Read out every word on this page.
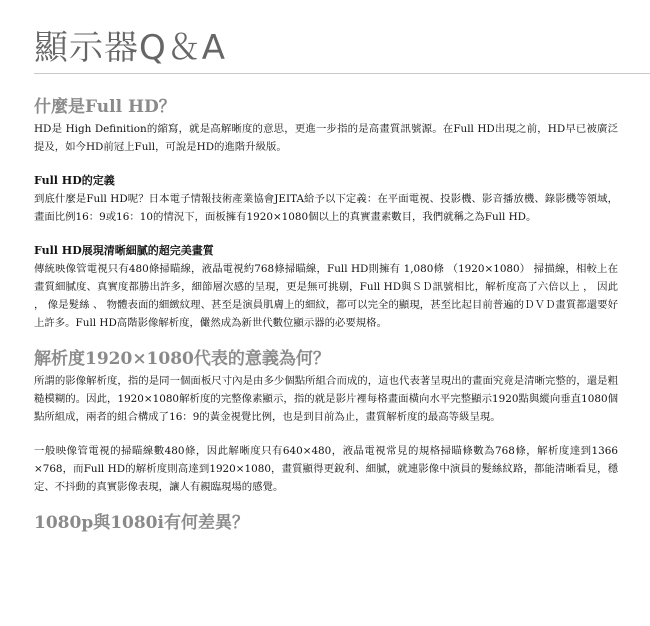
顯示器Q＆A
什麼是Full HD？

HD是 High Definition的縮寫，就是高解晰度的意思，更進一步指的是高畫質訊號源。在Full HD出現之前，HD早已被廣泛提及，如今HD前冠上Full，可說是HD的進階升級版。

Full HD的定義

到底什麼是Full HD呢？日本電子情報技術產業協會JEITA給予以下定義：在平面電視、投影機、影音播放機、錄影機等領域，畫面比例16：9或16：10的情況下，面板擁有1920×1080個以上的真實畫素數目，我們就稱之為Full HD。

Full HD展現清晰細膩的超完美畫質

傳統映像管電視只有480條掃瞄線，液晶電視約768條掃瞄線，Full HD則擁有 1,080條 （1920×1080） 掃描線，相較上在畫質細膩度、真實度都勝出許多，細節層次感的呈現，更是無可挑剔，Full HD與ＳＤ訊號相比，解析度高了六倍以上 ， 因此 ， 像是髮絲 、 物體表面的細緻紋理、甚至是演員肌膚上的細紋，都可以完全的顯現，甚至比起目前普遍的ＤＶＤ畫質都還要好上許多。Full HD高階影像解析度，儼然成為新世代數位顯示器的必要規格。

解析度1920×1080代表的意義為何？

所謂的影像解析度，指的是同一個面板尺寸內是由多少個點所組合而成的，這也代表著呈現出的畫面究竟是清晰完整的，還是粗糙模糊的。因此，1920×1080解析度的完整像素顯示，指的就是影片裡每格畫面橫向水平完整顯示1920點與縱向垂直1080個點所組成，兩者的組合構成了16：9的黃金視覺比例，也是到目前為止，畫質解析度的最高等級呈現。

一般映像管電視的掃瞄線數480條，因此解晰度只有640×480，液晶電視常見的規格掃瞄條數為768條，解析度達到1366 ×768，而Full HD的解析度則高達到1920×1080，畫質顯得更銳利、細膩，就連影像中演員的髮絲紋路，都能清晰看見，穩定、不抖動的真實影像表現，讓人有親臨現場的感覺。

1080p與1080i有何差異？
